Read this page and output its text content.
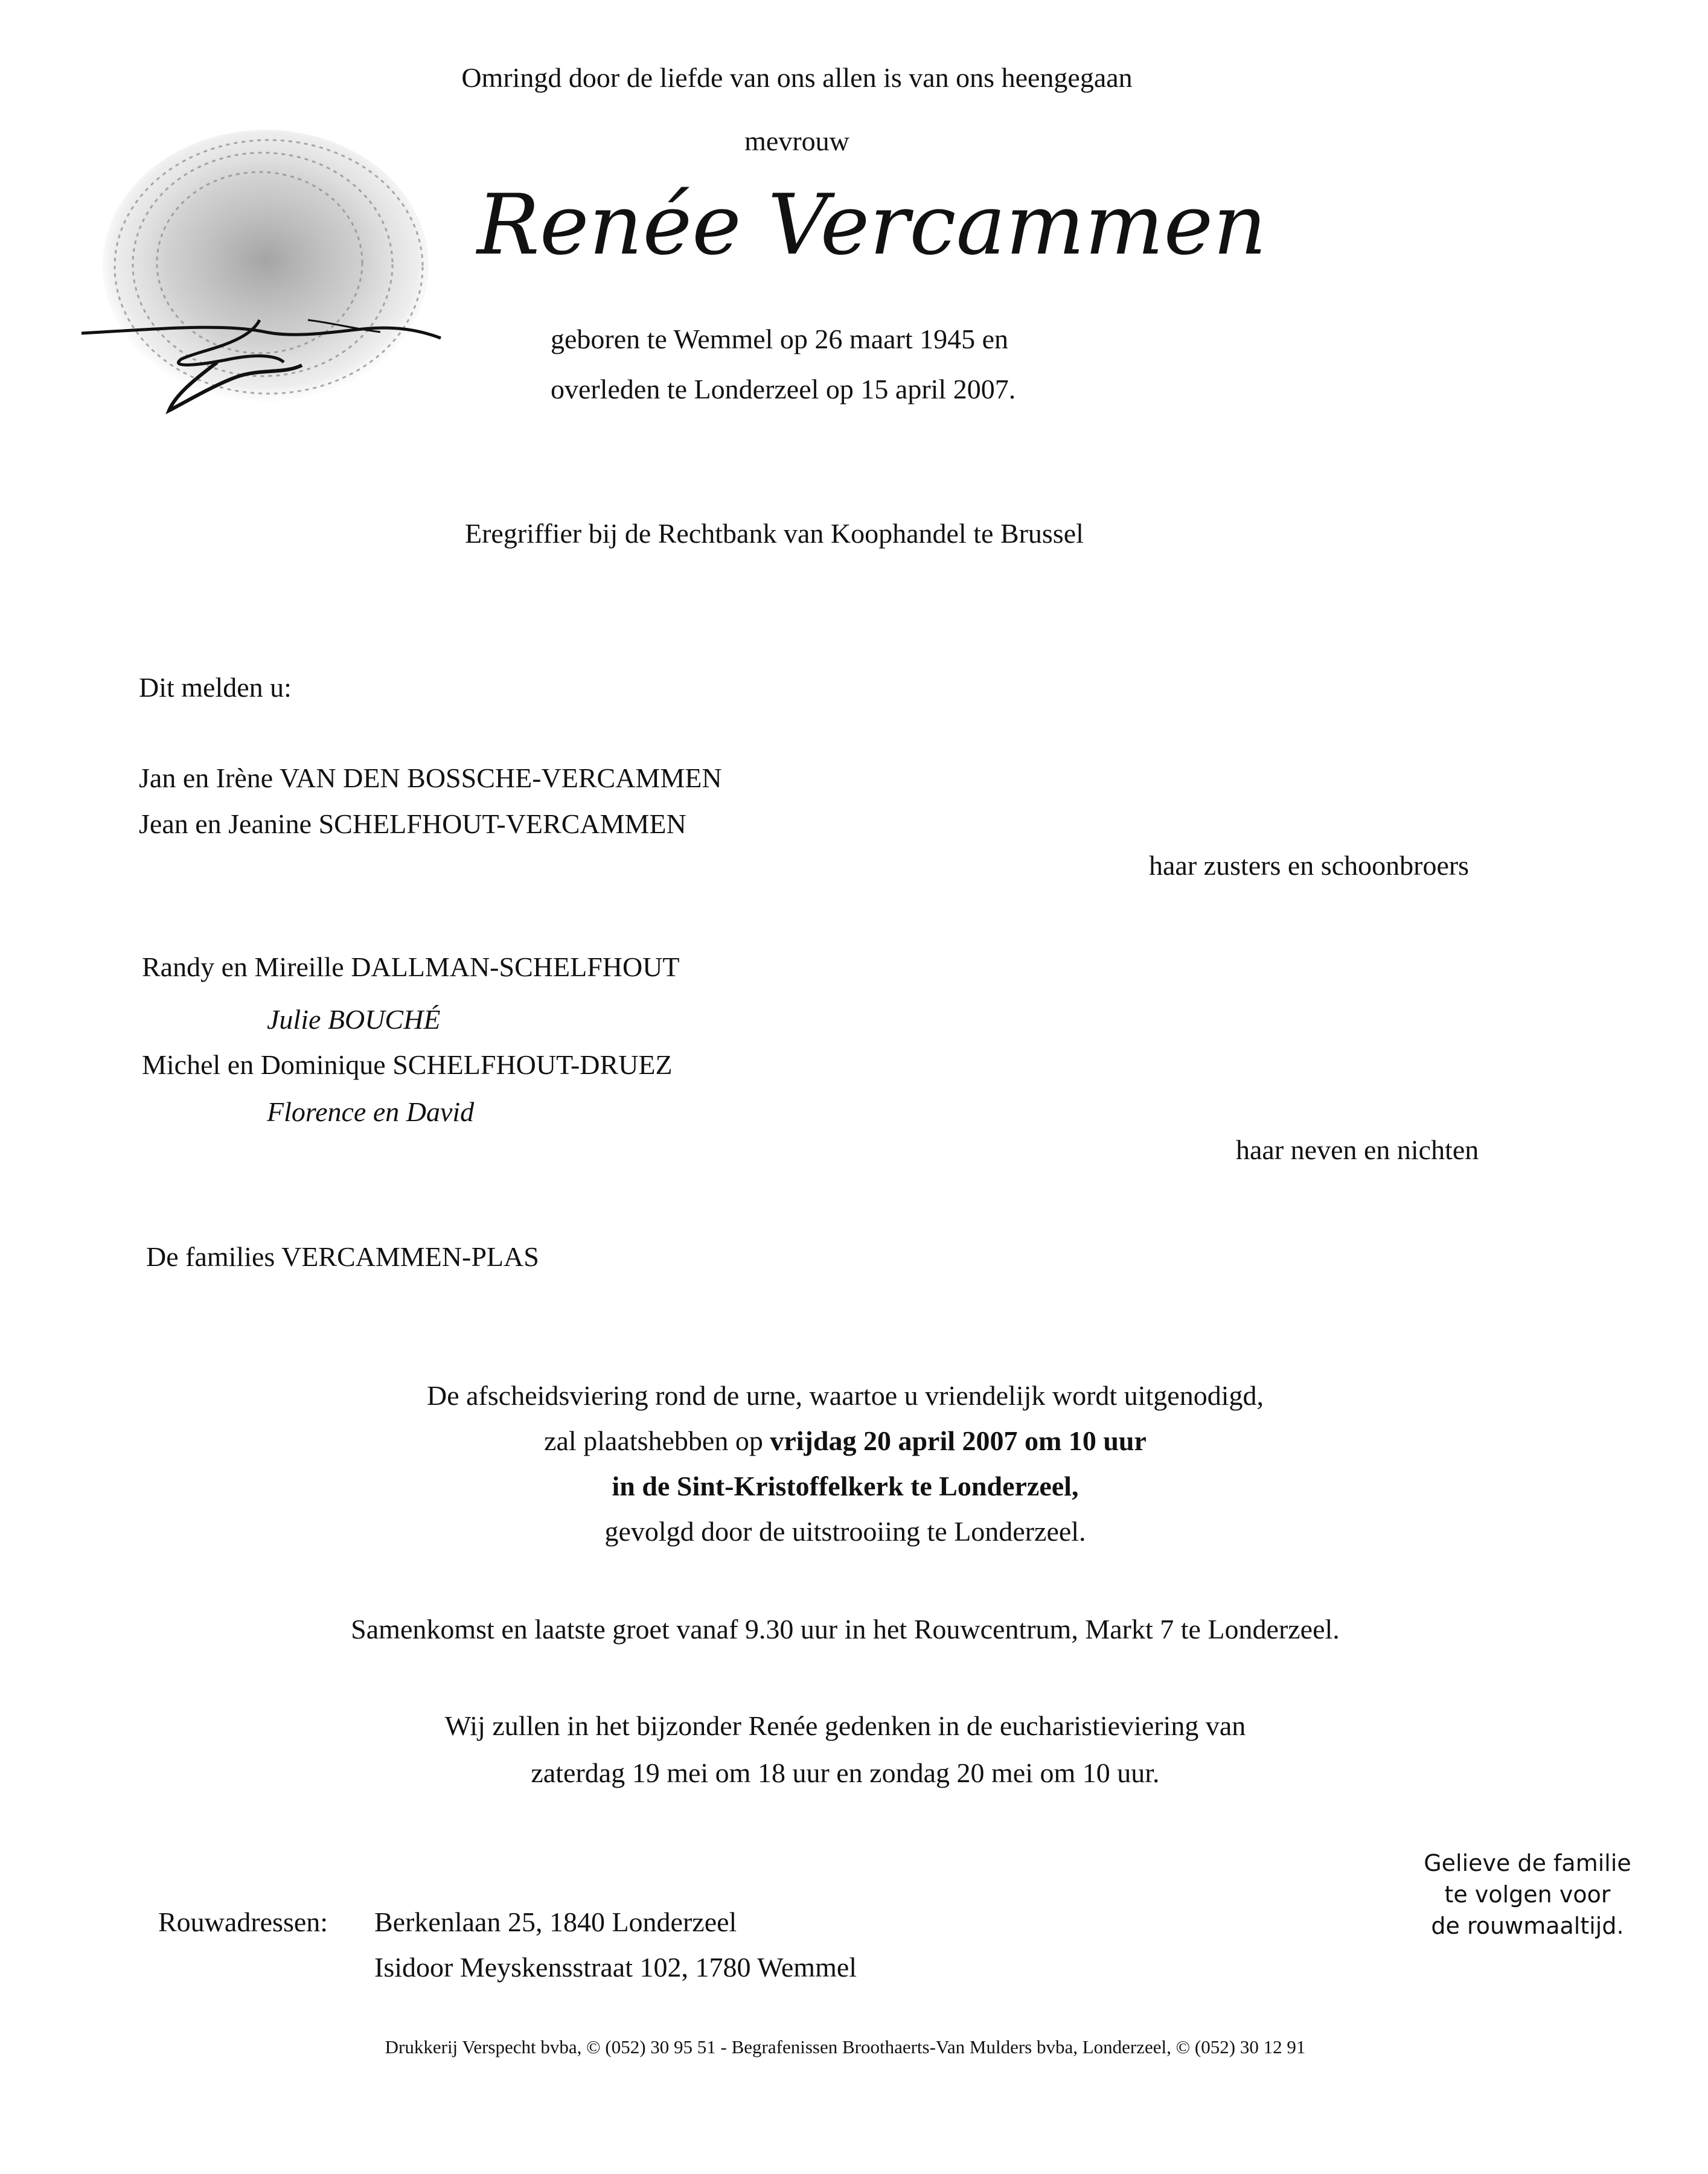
Omringd door de liefde van ons allen is van ons heengegaan
mevrouw
Renée Vercammen
geboren te Wemmel op 26 maart 1945 en
overleden te Londerzeel op 15 april 2007.
Eregriffier bij de Rechtbank van Koophandel te Brussel
Dit melden u:
Jan en Irène VAN DEN BOSSCHE-VERCAMMEN
Jean en Jeanine SCHELFHOUT-VERCAMMEN
haar zusters en schoonbroers
Randy en Mireille DALLMAN-SCHELFHOUT
Julie BOUCHÉ
Michel en Dominique SCHELFHOUT-DRUEZ
Florence en David
haar neven en nichten
De families VERCAMMEN-PLAS
De afscheidsviering rond de urne, waartoe u vriendelijk wordt uitgenodigd,
zal plaatshebben op vrijdag 20 april 2007 om 10 uur
in de Sint-Kristoffelkerk te Londerzeel,
gevolgd door de uitstrooiing te Londerzeel.
Samenkomst en laatste groet vanaf 9.30 uur in het Rouwcentrum, Markt 7 te Londerzeel.
Wij zullen in het bijzonder Renée gedenken in de eucharistieviering van
zaterdag 19 mei om 18 uur en zondag 20 mei om 10 uur.
Gelieve de familie
te volgen voor
de rouwmaaltijd.
Rouwadressen: Berkenlaan 25, 1840 Londerzeel
Isidoor Meyskensstraat 102, 1780 Wemmel
Drukkerij Verspecht bvba, © (052) 30 95 51 - Begrafenissen Broothaerts-Van Mulders bvba, Londerzeel, © (052) 30 12 91
